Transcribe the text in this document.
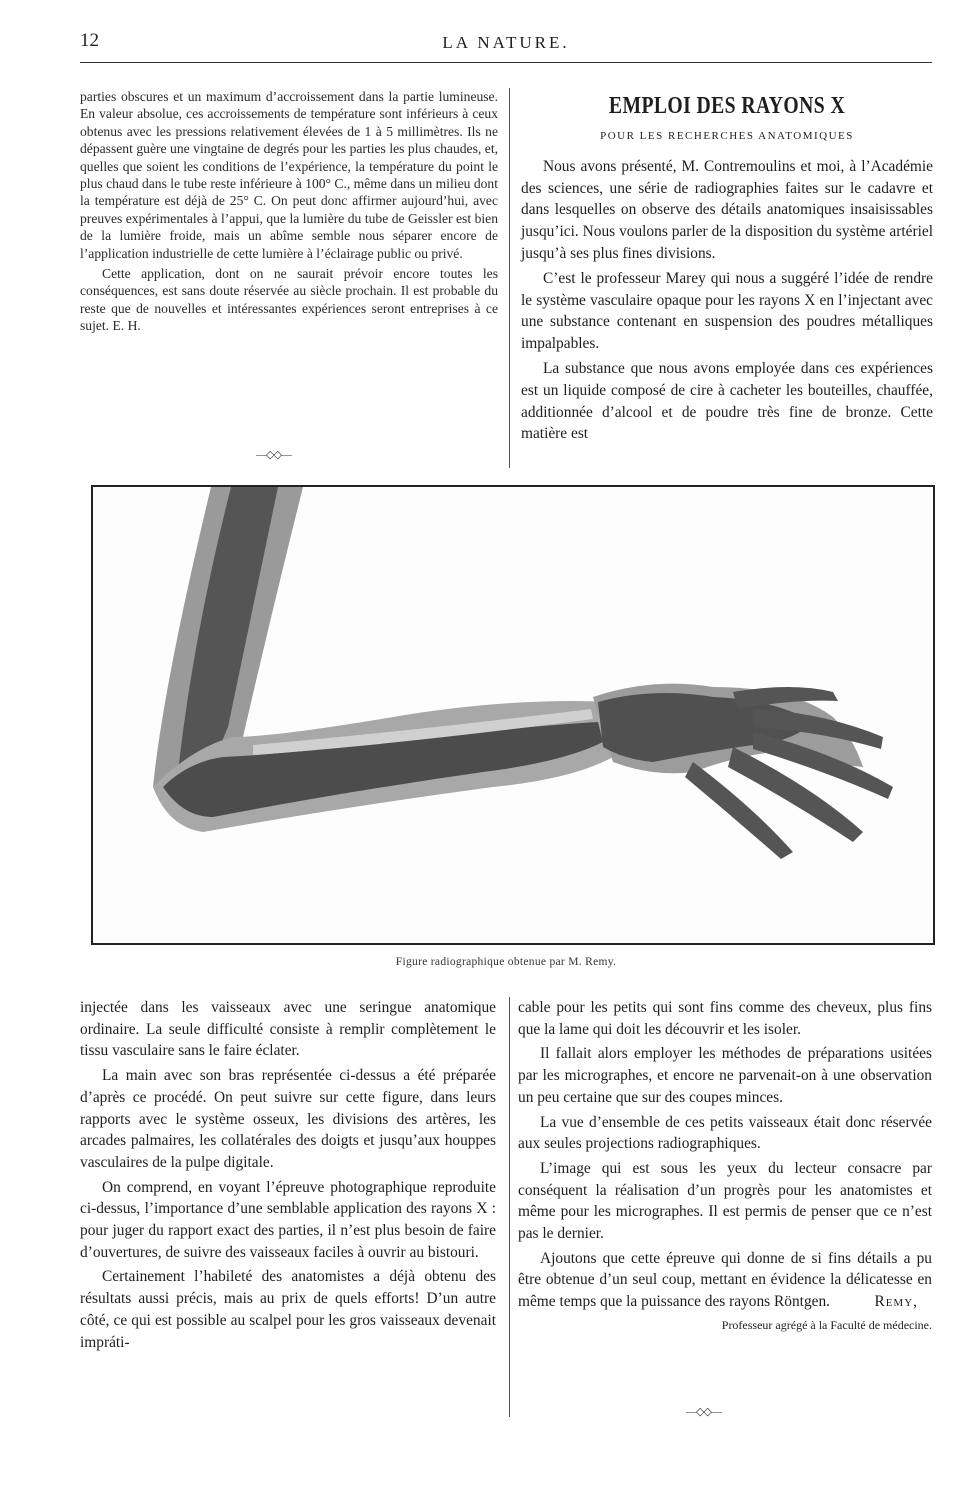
12	LA NATURE.

parties obscures et un maximum d’accroissement dans la partie lumineuse. En valeur absolue, ces accroissements de température sont inférieurs à ceux obtenus avec les pressions relativement élevées de 1 à 5 millimètres. Ils ne dépassent guère une vingtaine de degrés pour les parties les plus chaudes, et, quelles que soient les conditions de l’expérience, la température du point le plus chaud dans le tube reste inférieure à 100° C., même dans un milieu dont la température est déjà de 25° C. On peut donc affirmer aujourd’hui, avec preuves expérimentales à l’appui, que la lumière du tube de Geissler est bien de la lumière froide, mais un abîme semble nous séparer encore de l’application industrielle de cette lumière à l’éclairage public ou privé.

Cette application, dont on ne saurait prévoir encore toutes les conséquences, est sans doute réservée au siècle prochain. Il est probable du reste que de nouvelles et intéressantes expériences seront entreprises à ce sujet. E. H.

—◇◇—
EMPLOI DES RAYONS X
POUR LES RECHERCHES ANATOMIQUES

Nous avons présenté, M. Contremoulins et moi, à l’Académie des sciences, une série de radiographies faites sur le cadavre et dans lesquelles on observe des détails anatomiques insaisissables jusqu’ici. Nous voulons parler de la disposition du système artériel jusqu’à ses plus fines divisions.

C’est le professeur Marey qui nous a suggéré l’idée de rendre le système vasculaire opaque pour les rayons X en l’injectant avec une substance contenant en suspension des poudres métalliques impalpables.

La substance que nous avons employée dans ces expériences est un liquide composé de cire à cacheter les bouteilles, chauffée, additionnée d’alcool et de poudre très fine de bronze. Cette matière est

Figure radiographique obtenue par M. Remy.

injectée dans les vaisseaux avec une seringue anatomique ordinaire. La seule difficulté consiste à remplir complètement le tissu vasculaire sans le faire éclater.

La main avec son bras représentée ci-dessus a été préparée d’après ce procédé. On peut suivre sur cette figure, dans leurs rapports avec le système osseux, les divisions des artères, les arcades palmaires, les collatérales des doigts et jusqu’aux houppes vasculaires de la pulpe digitale.

On comprend, en voyant l’épreuve photographique reproduite ci-dessus, l’importance d’une semblable application des rayons X : pour juger du rapport exact des parties, il n’est plus besoin de faire d’ouvertures, de suivre des vaisseaux faciles à ouvrir au bistouri.

Certainement l’habileté des anatomistes a déjà obtenu des résultats aussi précis, mais au prix de quels efforts! D’un autre côté, ce qui est possible au scalpel pour les gros vaisseaux devenait impráti-

cable pour les petits qui sont fins comme des cheveux, plus fins que la lame qui doit les découvrir et les isoler.

Il fallait alors employer les méthodes de préparations usitées par les micrographes, et encore ne parvenait-on à une observation un peu certaine que sur des coupes minces.

La vue d’ensemble de ces petits vaisseaux était donc réservée aux seules projections radiographiques.

L’image qui est sous les yeux du lecteur consacre par conséquent la réalisation d’un progrès pour les anatomistes et même pour les micrographes. Il est permis de penser que ce n’est pas le dernier.

Ajoutons que cette épreuve qui donne de si fins détails a pu être obtenue d’un seul coup, mettant en évidence la délicatesse en même temps que la puissance des rayons Röntgen.	Remy,

Professeur agrégé à la Faculté de médecine.
—◇◇—
